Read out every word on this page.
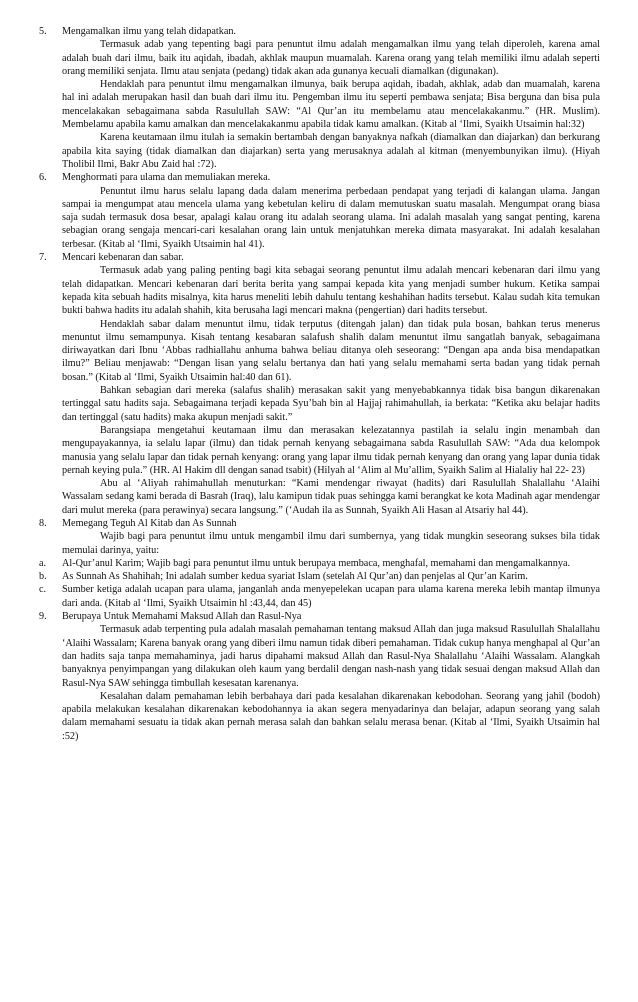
5. Mengamalkan ilmu yang telah didapatkan.

Termasuk adab yang tepenting bagi para penuntut ilmu adalah mengamalkan ilmu yang telah diperoleh, karena amal adalah buah dari ilmu, baik itu aqidah, ibadah, akhlak maupun muamalah. Karena orang yang telah memiliki ilmu adalah seperti orang memiliki senjata. Ilmu atau senjata (pedang) tidak akan ada gunanya kecuali diamalkan (digunakan).

Hendaklah para penuntut ilmu mengamalkan ilmunya, baik berupa aqidah, ibadah, akhlak, adab dan muamalah, karena hal ini adalah merupakan hasil dan buah dari ilmu itu. Pengemban ilmu itu seperti pembawa senjata; Bisa berguna dan bisa pula mencelakakan sebagaimana sabda Rasulullah SAW: “Al Qur’an itu membelamu atau mencelakakanmu.” (HR. Muslim). Membelamu apabila kamu amalkan dan mencelakakanmu apabila tidak kamu amalkan. (Kitab al ‘Ilmi, Syaikh Utsaimin hal:32)

Karena keutamaan ilmu itulah ia semakin bertambah dengan banyaknya nafkah (diamalkan dan diajarkan) dan berkurang apabila kita saying (tidak diamalkan dan diajarkan) serta yang merusaknya adalah al kitman (menyembunyikan ilmu). (Hiyah Tholibil Ilmi, Bakr Abu Zaid hal :72).

6. Menghormati para ulama dan memuliakan mereka.

Penuntut ilmu harus selalu lapang dada dalam menerima perbedaan pendapat yang terjadi di kalangan ulama. Jangan sampai ia mengumpat atau mencela ulama yang kebetulan keliru di dalam memutuskan suatu masalah. Mengumpat orang biasa saja sudah termasuk dosa besar, apalagi kalau orang itu adalah seorang ulama. Ini adalah masalah yang sangat penting, karena sebagian orang sengaja mencari-cari kesalahan orang lain untuk menjatuhkan mereka dimata masyarakat. Ini adalah kesalahan terbesar. (Kitab al ‘Ilmi, Syaikh Utsaimin hal 41).

7. Mencari kebenaran dan sabar.

Termasuk adab yang paling penting bagi kita sebagai seorang penuntut ilmu adalah mencari kebenaran dari ilmu yang telah didapatkan. Mencari kebenaran dari berita berita yang sampai kepada kita yang menjadi sumber hukum. Ketika sampai kepada kita sebuah hadits misalnya, kita harus meneliti lebih dahulu tentang keshahihan hadits tersebut. Kalau sudah kita temukan bukti bahwa hadits itu adalah shahih, kita berusaha lagi mencari makna (pengertian) dari hadits tersebut.

Hendaklah sabar dalam menuntut ilmu, tidak terputus (ditengah jalan) dan tidak pula bosan, bahkan terus menerus menuntut ilmu semampunya. Kisah tentang kesabaran salafush shalih dalam menuntut ilmu sangatlah banyak, sebagaimana diriwayatkan dari Ibnu ‘Abbas radhiallahu anhuma bahwa beliau ditanya oleh seseorang: “Dengan apa anda bisa mendapatkan ilmu?” Beliau menjawab: “Dengan lisan yang selalu bertanya dan hati yang selalu memahami serta badan yang tidak pernah bosan.” (Kitab al ‘Ilmi, Syaikh Utsaimin hal:40 dan 61).

Bahkan sebagian dari mereka (salafus shalih) merasakan sakit yang menyebabkannya tidak bisa bangun dikarenakan tertinggal satu hadits saja. Sebagaimana terjadi kepada Syu’bah bin al Hajjaj rahimahullah, ia berkata: “Ketika aku belajar hadits dan tertinggal (satu hadits) maka akupun menjadi sakit.”

Barangsiapa mengetahui keutamaan ilmu dan merasakan kelezatannya pastilah ia selalu ingin menambah dan mengupayakannya, ia selalu lapar (ilmu) dan tidak pernah kenyang sebagaimana sabda Rasulullah SAW: “Ada dua kelompok manusia yang selalu lapar dan tidak pernah kenyang: orang yang lapar ilmu tidak pernah kenyang dan orang yang lapar dunia tidak pernah keying pula.” (HR. Al Hakim dll dengan sanad tsabit) (Hilyah al ‘Alim al Mu’allim, Syaikh Salim al Hialaliy hal 22- 23)

Abu al ‘Aliyah rahimahullah menuturkan: “Kami mendengar riwayat (hadits) dari Rasulullah Shalallahu ‘Alaihi Wassalam sedang kami berada di Basrah (Iraq), lalu kamipun tidak puas sehingga kami berangkat ke kota Madinah agar mendengar dari mulut mereka (para perawinya) secara langsung.” (‘Audah ila as Sunnah, Syaikh Ali Hasan al Atsariy hal 44).

8. Memegang Teguh Al Kitab dan As Sunnah

Wajib bagi para penuntut ilmu untuk mengambil ilmu dari sumbernya, yang tidak mungkin seseorang sukses bila tidak memulai darinya, yaitu:

a. Al-Qur’anul Karim; Wajib bagi para penuntut ilmu untuk berupaya membaca, menghafal, memahami dan mengamalkannya.

b. As Sunnah As Shahihah; Ini adalah sumber kedua syariat Islam (setelah Al Qur’an) dan penjelas al Qur’an Karim.

c. Sumber ketiga adalah ucapan para ulama, janganlah anda menyepelekan ucapan para ulama karena mereka lebih mantap ilmunya dari anda. (Kitab al ‘Ilmi, Syaikh Utsaimin hl :43,44, dan 45)

9. Berupaya Untuk Memahami Maksud Allah dan Rasul-Nya

Termasuk adab terpenting pula adalah masalah pemahaman tentang maksud Allah dan juga maksud Rasulullah Shalallahu ‘Alaihi Wassalam; Karena banyak orang yang diberi ilmu namun tidak diberi pemahaman. Tidak cukup hanya menghapal al Qur’an dan hadits saja tanpa memahaminya, jadi harus dipahami maksud Allah dan Rasul-Nya Shalallahu ‘Alaihi Wassalam. Alangkah banyaknya penyimpangan yang dilakukan oleh kaum yang berdalil dengan nash-nash yang tidak sesuai dengan maksud Allah dan Rasul-Nya SAW sehingga timbullah kesesatan karenanya.

Kesalahan dalam pemahaman lebih berbahaya dari pada kesalahan dikarenakan kebodohan. Seorang yang jahil (bodoh) apabila melakukan kesalahan dikarenakan kebodohannya ia akan segera menyadarinya dan belajar, adapun seorang yang salah dalam memahami sesuatu ia tidak akan pernah merasa salah dan bahkan selalu merasa benar. (Kitab al ‘Ilmi, Syaikh Utsaimin hal :52)
